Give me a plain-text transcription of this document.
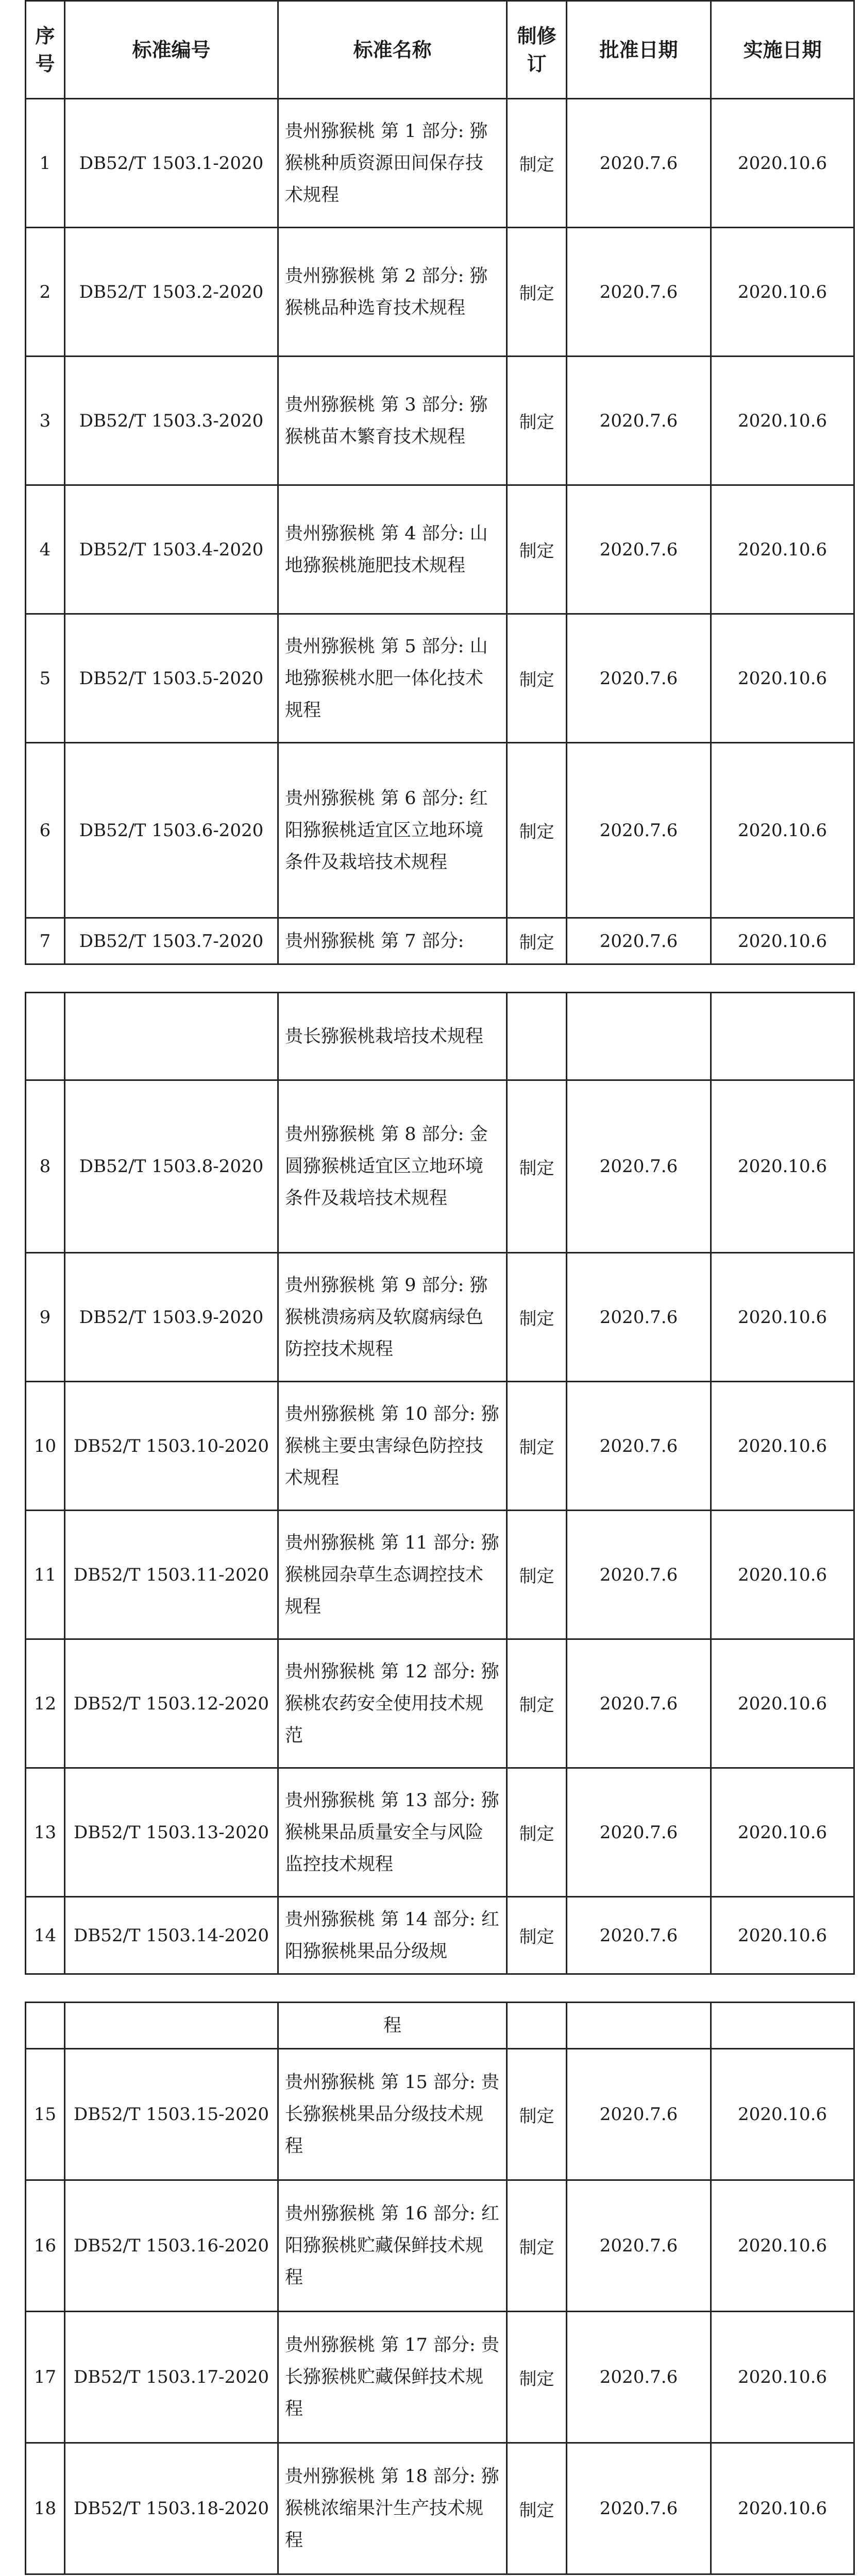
序号	标准编号	标准名称	制修订	批准日期	实施日期
1	DB52/T 1503.1-2020	贵州猕猴桃 第 1 部分: 猕猴桃种质资源田间保存技术规程	制定	2020.7.6	2020.10.6
2	DB52/T 1503.2-2020	贵州猕猴桃 第 2 部分: 猕猴桃品种选育技术规程	制定	2020.7.6	2020.10.6
3	DB52/T 1503.3-2020	贵州猕猴桃 第 3 部分: 猕猴桃苗木繁育技术规程	制定	2020.7.6	2020.10.6
4	DB52/T 1503.4-2020	贵州猕猴桃 第 4 部分: 山地猕猴桃施肥技术规程	制定	2020.7.6	2020.10.6
5	DB52/T 1503.5-2020	贵州猕猴桃 第 5 部分: 山地猕猴桃水肥一体化技术规程	制定	2020.7.6	2020.10.6
6	DB52/T 1503.6-2020	贵州猕猴桃 第 6 部分: 红阳猕猴桃适宜区立地环境条件及栽培技术规程	制定	2020.7.6	2020.10.6
7	DB52/T 1503.7-2020	贵州猕猴桃 第 7 部分:	制定	2020.7.6	2020.10.6
		贵长猕猴桃栽培技术规程			
8	DB52/T 1503.8-2020	贵州猕猴桃 第 8 部分: 金圆猕猴桃适宜区立地环境条件及栽培技术规程	制定	2020.7.6	2020.10.6
9	DB52/T 1503.9-2020	贵州猕猴桃 第 9 部分: 猕猴桃溃疡病及软腐病绿色防控技术规程	制定	2020.7.6	2020.10.6
10	DB52/T 1503.10-2020	贵州猕猴桃 第 10 部分: 猕猴桃主要虫害绿色防控技术规程	制定	2020.7.6	2020.10.6
11	DB52/T 1503.11-2020	贵州猕猴桃 第 11 部分: 猕猴桃园杂草生态调控技术规程	制定	2020.7.6	2020.10.6
12	DB52/T 1503.12-2020	贵州猕猴桃 第 12 部分: 猕猴桃农药安全使用技术规范	制定	2020.7.6	2020.10.6
13	DB52/T 1503.13-2020	贵州猕猴桃 第 13 部分: 猕猴桃果品质量安全与风险监控技术规程	制定	2020.7.6	2020.10.6
14	DB52/T 1503.14-2020	贵州猕猴桃 第 14 部分: 红阳猕猴桃果品分级规	制定	2020.7.6	2020.10.6
		程			
15	DB52/T 1503.15-2020	贵州猕猴桃 第 15 部分: 贵长猕猴桃果品分级技术规程	制定	2020.7.6	2020.10.6
16	DB52/T 1503.16-2020	贵州猕猴桃 第 16 部分: 红阳猕猴桃贮藏保鲜技术规程	制定	2020.7.6	2020.10.6
17	DB52/T 1503.17-2020	贵州猕猴桃 第 17 部分: 贵长猕猴桃贮藏保鲜技术规程	制定	2020.7.6	2020.10.6
18	DB52/T 1503.18-2020	贵州猕猴桃 第 18 部分: 猕猴桃浓缩果汁生产技术规程	制定	2020.7.6	2020.10.6
